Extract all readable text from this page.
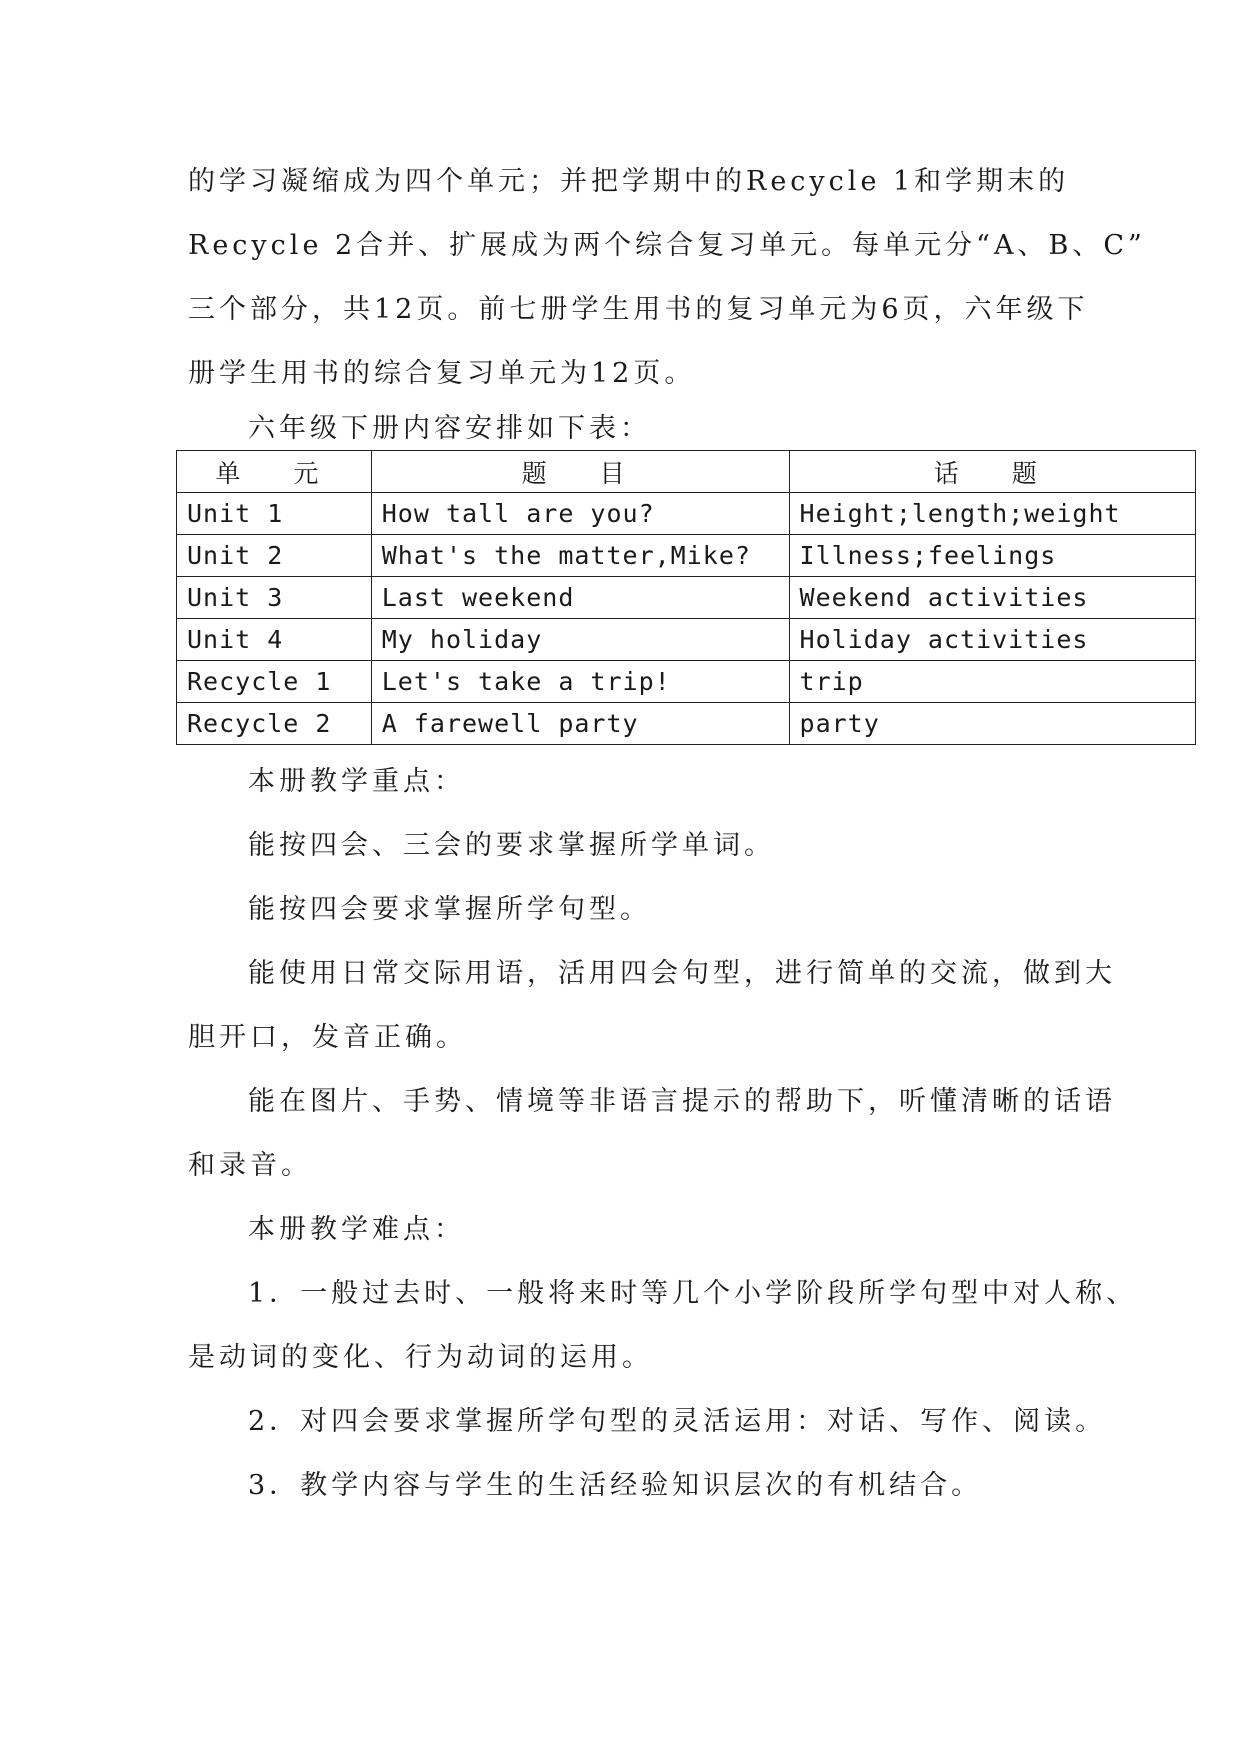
的学习凝缩成为四个单元；并把学期中的Recycle 1和学期末的
Recycle 2合并、扩展成为两个综合复习单元。每单元分“A、B、C”
三个部分，共12页。前七册学生用书的复习单元为6页，六年级下
册学生用书的综合复习单元为12页。
六年级下册内容安排如下表：
单　元	题　目	话　题
Unit 1	How tall are you?	Height;length;weight
Unit 2	What's the matter,Mike?	Illness;feelings
Unit 3	Last weekend	Weekend activities
Unit 4	My holiday	Holiday activities
Recycle 1	Let's take a trip!	trip
Recycle 2	A farewell party	party
本册教学重点：
能按四会、三会的要求掌握所学单词。
能按四会要求掌握所学句型。
能使用日常交际用语，活用四会句型，进行简单的交流，做到大
胆开口，发音正确。
能在图片、手势、情境等非语言提示的帮助下，听懂清晰的话语
和录音。
本册教学难点：
1．一般过去时、一般将来时等几个小学阶段所学句型中对人称、
是动词的变化、行为动词的运用。
2．对四会要求掌握所学句型的灵活运用：对话、写作、阅读。
3．教学内容与学生的生活经验知识层次的有机结合。
